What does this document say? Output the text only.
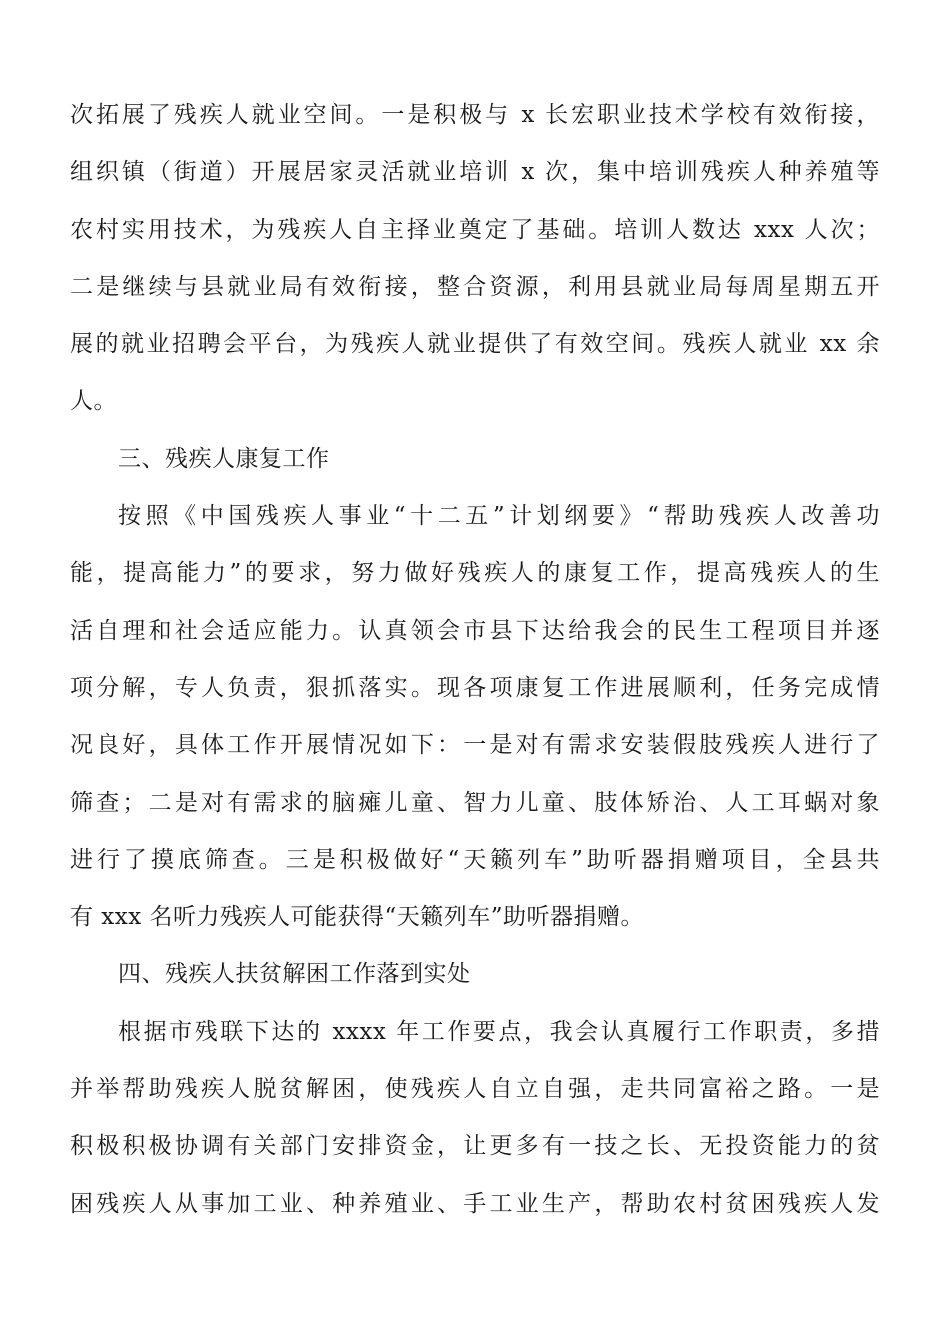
次拓展了残疾人就业空间。一是积极与 x 长宏职业技术学校有效衔接，
组织镇（街道）开展居家灵活就业培训 x 次，集中培训残疾人种养殖等
农村实用技术，为残疾人自主择业奠定了基础。培训人数达 xxx 人次；
二是继续与县就业局有效衔接，整合资源，利用县就业局每周星期五开
展的就业招聘会平台，为残疾人就业提供了有效空间。残疾人就业 xx 余
人。
三、残疾人康复工作
按照《中国残疾人事业“十二五”计划纲要》“帮助残疾人改善功
能，提高能力”的要求，努力做好残疾人的康复工作，提高残疾人的生
活自理和社会适应能力。认真领会市县下达给我会的民生工程项目并逐
项分解，专人负责，狠抓落实。现各项康复工作进展顺利，任务完成情
况良好，具体工作开展情况如下：一是对有需求安装假肢残疾人进行了
筛查；二是对有需求的脑瘫儿童、智力儿童、肢体矫治、人工耳蜗对象
进行了摸底筛查。三是积极做好“天籁列车”助听器捐赠项目，全县共
有 xxx 名听力残疾人可能获得“天籁列车”助听器捐赠。
四、残疾人扶贫解困工作落到实处
根据市残联下达的 xxxx 年工作要点，我会认真履行工作职责，多措
并举帮助残疾人脱贫解困，使残疾人自立自强，走共同富裕之路。一是
积极积极协调有关部门安排资金，让更多有一技之长、无投资能力的贫
困残疾人从事加工业、种养殖业、手工业生产，帮助农村贫困残疾人发
